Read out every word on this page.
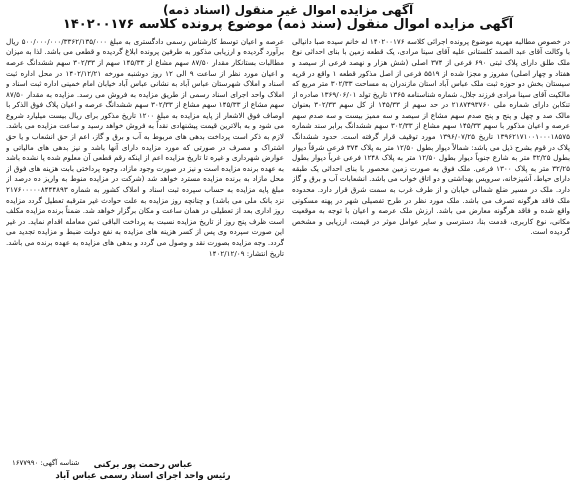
آگهی مزایده اموال غیر منقول (اسناد ذمه)
آگهی مزایده اموال منقول (سند ذمه) موضوع پرونده کلاسه ۱۴۰۲۰۰۱۷۶

در خصوص مطالبه مهریه موضوع پرونده اجرائی کلاسه ۱۴۰۲۰۰۱۷۶ له خانم سیده صبا دانیالی با وکالت آقای عبد الصمد کلستانی علیه آقای سینا مرادی، یک قطعه زمین با بنای احداثی نوع ملک طلق دارای پلاک ثبتی ۶۹۰ فرعی از ۳۷۴ اصلی (شش هزار و نهصد فرعی از سیصد و هفتاد و چهار اصلی) مفروز و مجزا شده از ۵۵۱۹ فرعی از اصل مذکور قطعه ۱ واقع در قریه سیستان بخش دو حوزه ثبت ملک عباس آباد استان مازندران به مساحت ۳۰۲/۳۳ متر مربع که مالکیت آقای سینا مرادی فرزند جلال، شماره شناسنامه ۱۳۶۵ تاریخ تولد ۱۳۶۹/۰۶/۰۱ صادره از تنکابن دارای شماره ملی ۲۱۸۷۴۹۳۷۶۰ در حد سهم از ۱۴۵/۳۳ از کل سهم ۳۰۲/۳۳ بعنوان مالک صد و چهل و پنج و پنج صدم سهم مشاع از سیصد و سه ممیز بیست و سه صدم سهم عرصه و اعیان مذکور با سهم ۱۴۵/۳۳ سهم مشاع از ۳۰۲/۳۳ سهم ششدانگ برابر سند شماره ۱۳۹۶۲۱۷۱۰۰۱۰۰۰۱۸۵۷۵ تاریخ ۱۳۹۶/۰۷/۲۵ مورد توقیف قرار گرفته است. حدود ششدانگ پلاک در قوم بشرح ذیل می باشد: شمالاً دیوار بطول ۱۲/۵۰ متر به پلاک ۳۷۴ فرعی شرقاً دیوار بطول ۳۲/۲۵ متر به شارع جنوباً دیوار بطول ۱۲/۵۰ متر به پلاک ۱۲۴۸ فرعی غرباً دیوار بطول ۳۲/۲۵ متر به پلاک ۱۳۰۰ فرعی. ملک فوق به صورت زمین محصور با بنای احداثی یک طبقه دارای حیاط، آشپزخانه، سرویس بهداشتی و دو اتاق خواب می باشد. انشعابات آب و برق و گاز دارد. ملک در مسیر ضلع شمالی خیابان و از طرف غرب به سمت شرق قرار دارد. محدوده ملک فاقد هرگونه تصرف می باشد. ملک مورد نظر در طرح تفصیلی شهر در پهنه مسکونی واقع شده و فاقد هرگونه معارض می باشد. ارزش ملک عرصه و اعیان با توجه به موقعیت مکانی، نوع کاربری، قدمت بنا، دسترسی و سایر عوامل موثر در قیمت، ارزیابی و مشخص گردیده است.

عرصه و اعیان توسط کارشناس رسمی دادگستری به مبلغ ۵۰۰/۰۰۰/۰۰۰/۳۳۶۲/۱۳۵/۰۰۰ ریال برآورد گردیده و ارزیابی مذکور به طرفین پرونده ابلاغ گردیده و قطعی می باشد. لذا به میزان مطالبات بستانکار مقدار ۸۷/۵۰ سهم مشاع از ۱۴۵/۳۳ سهم از ۳۰۲/۳۳ سهم ششدانگ عرصه و اعیان مورد نظر از ساعت ۹ الی ۱۲ روز دوشنبه مورخه ۱۴۰۲/۱۲/۲۱ در محل اداره ثبت اسناد و املاک شهرستان عباس آباد به نشانی عباس آباد خیابان امام خمینی اداره ثبت اسناد و املاک واحد اجرای اسناد رسمی از طریق مزایده به فروش می رسد. مزایده به مقدار ۸۷/۵۰ سهم مشاع از ۱۴۵/۳۳ سهم مشاع از ۳۰۲/۳۳ سهم ششدانگ عرصه و اعیان پلاک فوق الذکر با اوصاف فوق الاشعار از پایه مزایده به مبلغ ۱۲۰۰ تاریخ مذکور برای ریال بیست میلیارد شروع می شود و به بالاترین قیمت پیشنهادی نقداً به فروش خواهد رسید و ساعت مزایده می باشد. لازم به ذکر است پرداخت بدهی های مربوط به آب و برق و گاز، اعم از حق انشعاب و یا حق اشتراک و مصرف در صورتی که مورد مزایده دارای آنها باشد و نیز بدهی های مالیاتی و عوارض شهرداری و غیره تا تاریخ مزایده اعم از اینکه رقم قطعی آن معلوم شده یا نشده باشد به عهده برنده مزایده است و نیز در صورت وجود مازاد، وجوه پرداختی بابت هزینه های فوق از محل مازاد به برنده مزایده مسترد خواهد شد (شرکت در مزایده منوط به واریز ده درصد از مبلغ پایه مزایده به حساب سپرده ثبت اسناد و املاک کشور به شماره ۲۱۷۶۰۰۰۰۰۸۴۴۴۸۹۳ نزد بانک ملی می باشد) و چنانچه روز مزایده به علت حوادث غیر مترقبه تعطیل گردد مزایده روز اداری بعد از تعطیلی در همان ساعت و مکان برگزار خواهد شد. ضمناً برنده مزایده مکلف است ظرف پنج روز از تاریخ مزایده نسبت به پرداخت الباقی ثمن معامله اقدام نماید. در غیر این صورت سپرده وی پس از کسر هزینه های مزایده به نفع دولت ضبط و مزایده تجدید می گردد. وجه مزایده بصورت نقد و وصول می گردد و بدهی های مزایده به عهده برنده می باشد. تاریخ انتشار: ۱۴۰۲/۱۲/۰۹

شناسه آگهی: ۱۶۷۷۹۹۰	عباس رحمت پور برکنی
رئیس واحد اجرای اسناد رسمی عباس آباد
